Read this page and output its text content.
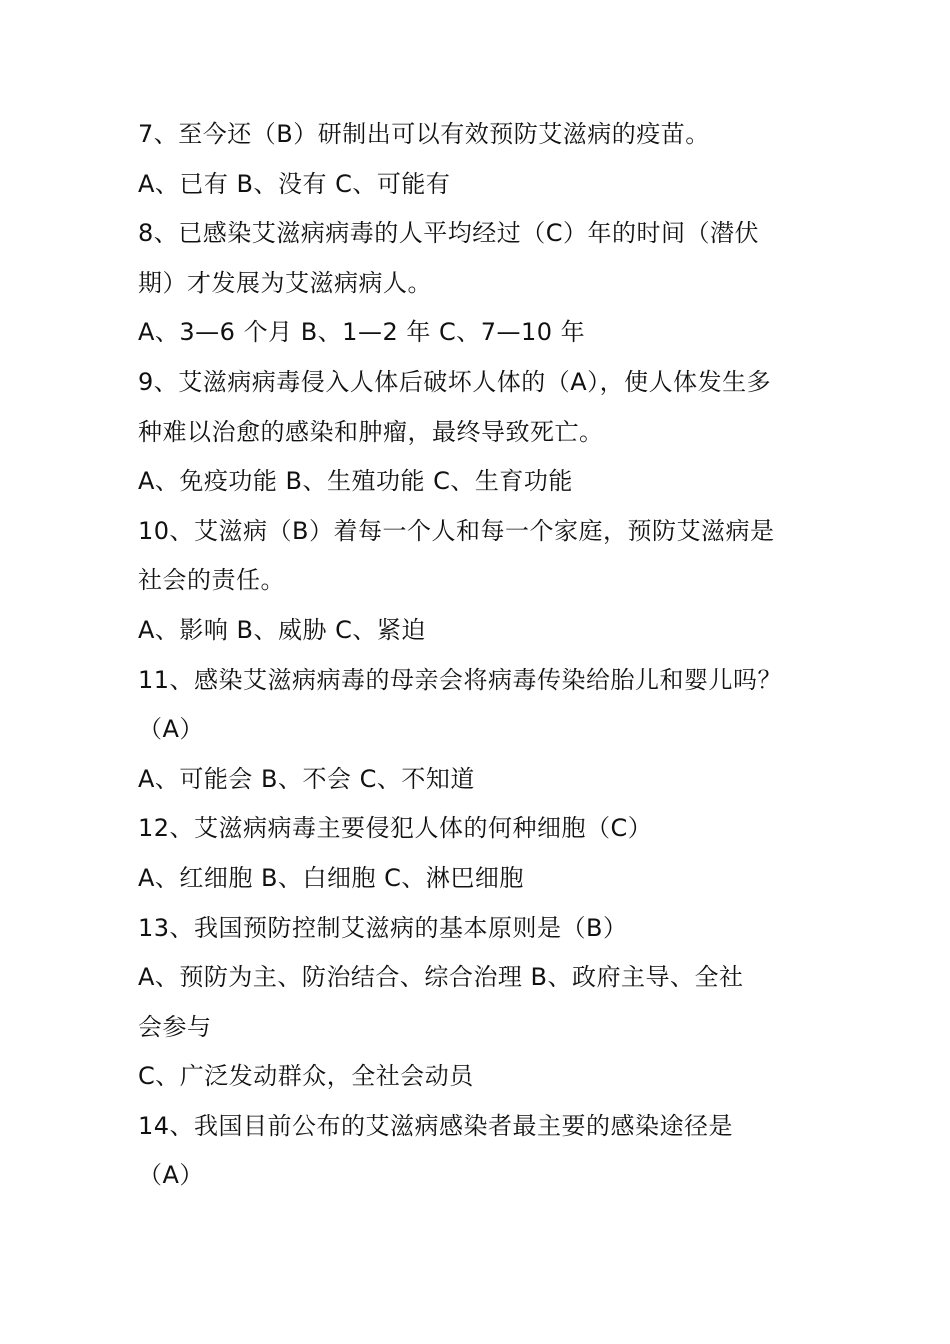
7、至今还（B）研制出可以有效预防艾滋病的疫苗。
A、已有 B、没有 C、可能有
8、已感染艾滋病病毒的人平均经过（C）年的时间（潜伏
期）才发展为艾滋病病人。
A、3—6 个月 B、1—2 年 C、7—10 年
9、艾滋病病毒侵入人体后破坏人体的（A），使人体发生多
种难以治愈的感染和肿瘤，最终导致死亡。
A、免疫功能 B、生殖功能 C、生育功能
10、艾滋病（B）着每一个人和每一个家庭，预防艾滋病是
社会的责任。
A、影响 B、威胁 C、紧迫
11、感染艾滋病病毒的母亲会将病毒传染给胎儿和婴儿吗？
（A）
A、可能会 B、不会 C、不知道
12、艾滋病病毒主要侵犯人体的何种细胞（C）
A、红细胞 B、白细胞 C、淋巴细胞
13、我国预防控制艾滋病的基本原则是（B）
A、预防为主、防治结合、综合治理 B、政府主导、全社
会参与
C、广泛发动群众，全社会动员
14、我国目前公布的艾滋病感染者最主要的感染途径是
（A）
